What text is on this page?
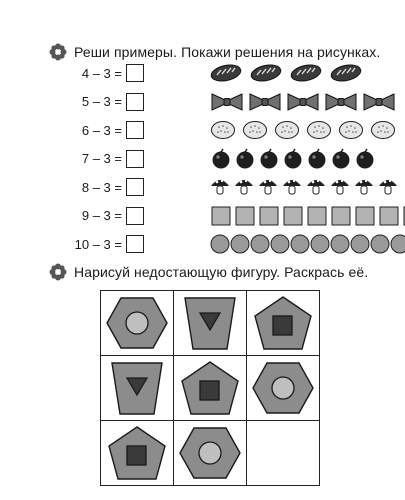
Реши примеры. Покажи решения на рисунках.
4 – 3 =
5 – 3 =
6 – 3 =
7 – 3 =
8 – 3 =
9 – 3 =
10 – 3 =
Нарисуй недостающую фигуру. Раскрась её.
